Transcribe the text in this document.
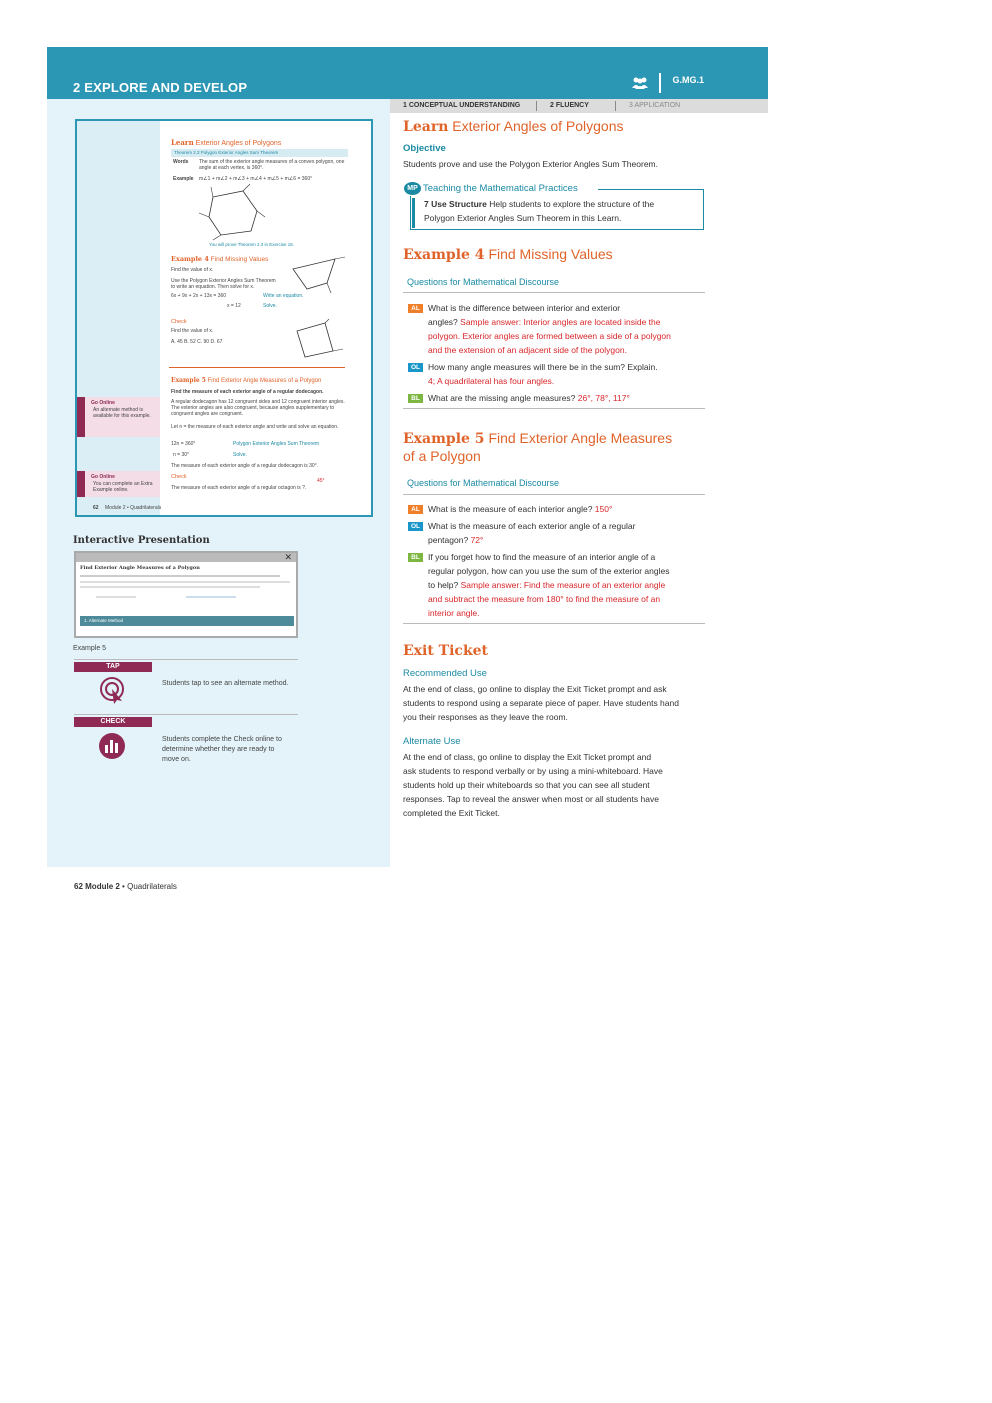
2 EXPLORE AND DEVELOP	G.MG.1
1 CONCEPTUAL UNDERSTANDING	2 FLUENCY	3 APPLICATION
Learn Exterior Angles of Polygons
Theorem 2.3 Polygon Exterior Angles Sum Theorem
Words The sum of the exterior angle measures of a convex polygon, one angle at each vertex, is 360°.
Example m∠1 + m∠2 + m∠3 + m∠4 + m∠5 + m∠6 = 360°
You will prove Theorem 2.3 in Exercise 16.
Example 4 Find Missing Values
Find the value of x.
Use the Polygon Exterior Angles Sum Theorem to write an equation. Then solve for x.
6x + 9x + 2x + 13x = 360	Write an equation.
x = 12	Solve.
Check
Find the value of x.
A. 45 B. 52 C. 90 D. 67
Example 5 Find Exterior Angle Measures of a Polygon
Find the measure of each exterior angle of a regular dodecagon.
A regular dodecagon has 12 congruent sides and 12 congruent interior angles. The exterior angles are also congruent, because angles supplementary to congruent angles are congruent.
Let n = the measure of each exterior angle and write and solve an equation.
12n = 360°	Polygon Exterior Angles Sum Theorem
n = 30°	Solve.
The measure of each exterior angle of a regular dodecagon is 30°.
Check
45°
The measure of each exterior angle of a regular octagon is ?.
Go Online
An alternate method is available for this example.
Go Online
You can complete an Extra Example online.
62 Module 2 • Quadrilaterals
Interactive Presentation
✕
Find Exterior Angle Measures of a Polygon
1. Alternate Method
Example 5
TAP
Students tap to see an alternate method.
CHECK
Students complete the Check online to determine whether they are ready to move on.
Learn Exterior Angles of Polygons
Objective
Students prove and use the Polygon Exterior Angles Sum Theorem.
MP Teaching the Mathematical Practices
7 Use Structure Help students to explore the structure of the
Polygon Exterior Angles Sum Theorem in this Learn.
Example 4 Find Missing Values
Questions for Mathematical Discourse
AL What is the difference between interior and exterior
angles? Sample answer: Interior angles are located inside the
polygon. Exterior angles are formed between a side of a polygon
and the extension of an adjacent side of the polygon.
OL How many angle measures will there be in the sum? Explain.
4; A quadrilateral has four angles.
BL What are the missing angle measures? 26°, 78°, 117°
Example 5 Find Exterior Angle Measures
of a Polygon
Questions for Mathematical Discourse
AL What is the measure of each interior angle? 150°
OL What is the measure of each exterior angle of a regular
pentagon? 72°
BL If you forget how to find the measure of an interior angle of a
regular polygon, how can you use the sum of the exterior angles
to help? Sample answer: Find the measure of an exterior angle
and subtract the measure from 180° to find the measure of an
interior angle.
Exit Ticket
Recommended Use
At the end of class, go online to display the Exit Ticket prompt and ask
students to respond using a separate piece of paper. Have students hand
you their responses as they leave the room.
Alternate Use
At the end of class, go online to display the Exit Ticket prompt and
ask students to respond verbally or by using a mini-whiteboard. Have
students hold up their whiteboards so that you can see all student
responses. Tap to reveal the answer when most or all students have
completed the Exit Ticket.
62 Module 2 • Quadrilaterals
